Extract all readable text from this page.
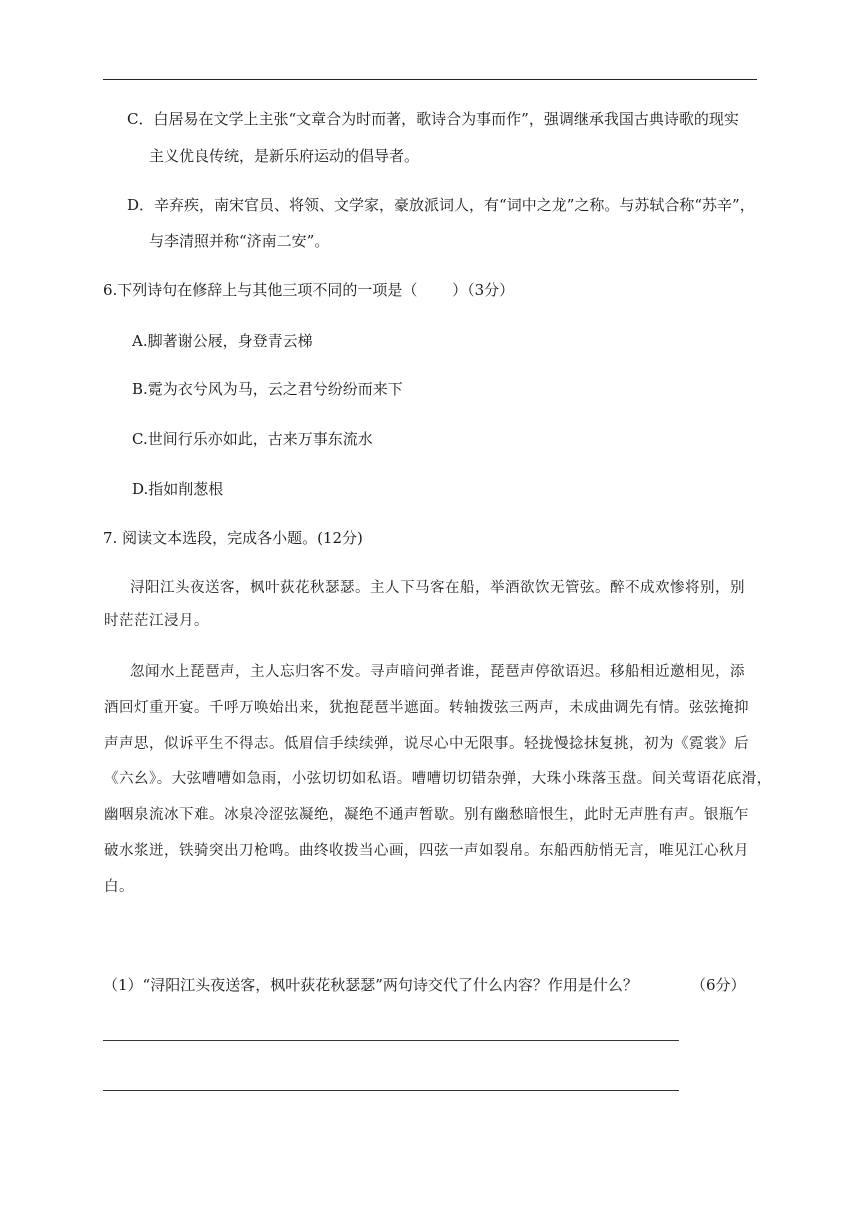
C．白居易在文学上主张“文章合为时而著，歌诗合为事而作”，强调继承我国古典诗歌的现实
主义优良传统，是新乐府运动的倡导者。
D．辛弃疾，南宋官员、将领、文学家，豪放派词人，有“词中之龙”之称。与苏轼合称“苏辛”，
与李清照并称“济南二安”。
6.下列诗句在修辞上与其他三项不同的一项是（　　 ）（3分）
A.脚著谢公屐，身登青云梯
B.霓为衣兮风为马，云之君兮纷纷而来下
C.世间行乐亦如此，古来万事东流水
D.指如削葱根
7. 阅读文本选段，完成各小题。(12分)
浔阳江头夜送客，枫叶荻花秋瑟瑟。主人下马客在船，举酒欲饮无管弦。醉不成欢惨将别，别
时茫茫江浸月。
忽闻水上琵琶声，主人忘归客不发。寻声暗问弹者谁，琵琶声停欲语迟。移船相近邀相见，添
酒回灯重开宴。千呼万唤始出来，犹抱琵琶半遮面。转轴拨弦三两声，未成曲调先有情。弦弦掩抑
声声思，似诉平生不得志。低眉信手续续弹，说尽心中无限事。轻拢慢捻抹复挑，初为《霓裳》后
《六幺》。大弦嘈嘈如急雨，小弦切切如私语。嘈嘈切切错杂弹，大珠小珠落玉盘。间关莺语花底滑，
幽咽泉流冰下难。冰泉冷涩弦凝绝，凝绝不通声暂歇。别有幽愁暗恨生，此时无声胜有声。银瓶乍
破水浆迸，铁骑突出刀枪鸣。曲终收拨当心画，四弦一声如裂帛。东船西舫悄无言，唯见江心秋月
白。
（1）“浔阳江头夜送客，枫叶荻花秋瑟瑟”两句诗交代了什么内容？作用是什么？	（6分）
